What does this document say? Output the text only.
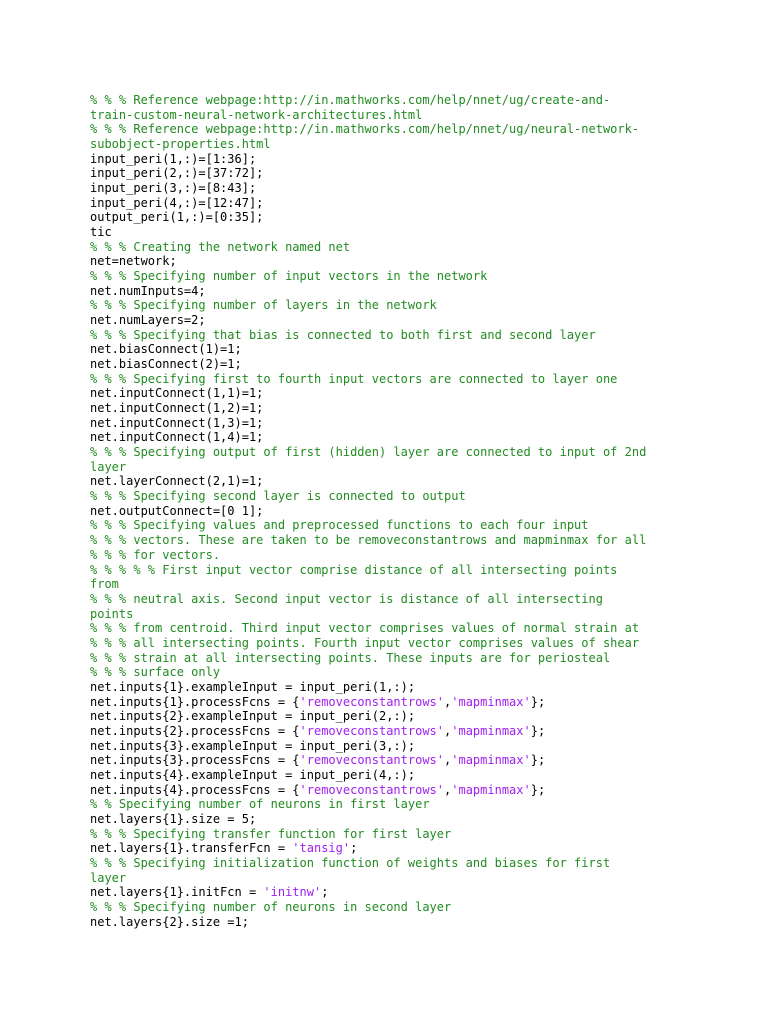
% % % Reference webpage:http://in.mathworks.com/help/nnet/ug/create-and-
train-custom-neural-network-architectures.html
% % % Reference webpage:http://in.mathworks.com/help/nnet/ug/neural-network-
subobject-properties.html
input_peri(1,:)=[1:36];
input_peri(2,:)=[37:72];
input_peri(3,:)=[8:43];
input_peri(4,:)=[12:47];
output_peri(1,:)=[0:35];
tic
% % % Creating the network named net
net=network;
% % % Specifying number of input vectors in the network
net.numInputs=4;
% % % Specifying number of layers in the network
net.numLayers=2;
% % % Specifying that bias is connected to both first and second layer
net.biasConnect(1)=1;
net.biasConnect(2)=1;
% % % Specifying first to fourth input vectors are connected to layer one
net.inputConnect(1,1)=1;
net.inputConnect(1,2)=1;
net.inputConnect(1,3)=1;
net.inputConnect(1,4)=1;
% % % Specifying output of first (hidden) layer are connected to input of 2nd
layer
net.layerConnect(2,1)=1;
% % % Specifying second layer is connected to output
net.outputConnect=[0 1];
% % % Specifying values and preprocessed functions to each four input
% % % vectors. These are taken to be removeconstantrows and mapminmax for all
% % % for vectors.
% % % % % First input vector comprise distance of all intersecting points
from
% % % neutral axis. Second input vector is distance of all intersecting
points
% % % from centroid. Third input vector comprises values of normal strain at
% % % all intersecting points. Fourth input vector comprises values of shear
% % % strain at all intersecting points. These inputs are for periosteal
% % % surface only
net.inputs{1}.exampleInput = input_peri(1,:);
net.inputs{1}.processFcns = {'removeconstantrows','mapminmax'};
net.inputs{2}.exampleInput = input_peri(2,:);
net.inputs{2}.processFcns = {'removeconstantrows','mapminmax'};
net.inputs{3}.exampleInput = input_peri(3,:);
net.inputs{3}.processFcns = {'removeconstantrows','mapminmax'};
net.inputs{4}.exampleInput = input_peri(4,:);
net.inputs{4}.processFcns = {'removeconstantrows','mapminmax'};
% % Specifying number of neurons in first layer
net.layers{1}.size = 5;
% % % Specifying transfer function for first layer
net.layers{1}.transferFcn = 'tansig';
% % % Specifying initialization function of weights and biases for first
layer
net.layers{1}.initFcn = 'initnw';
% % % Specifying number of neurons in second layer
net.layers{2}.size =1;
